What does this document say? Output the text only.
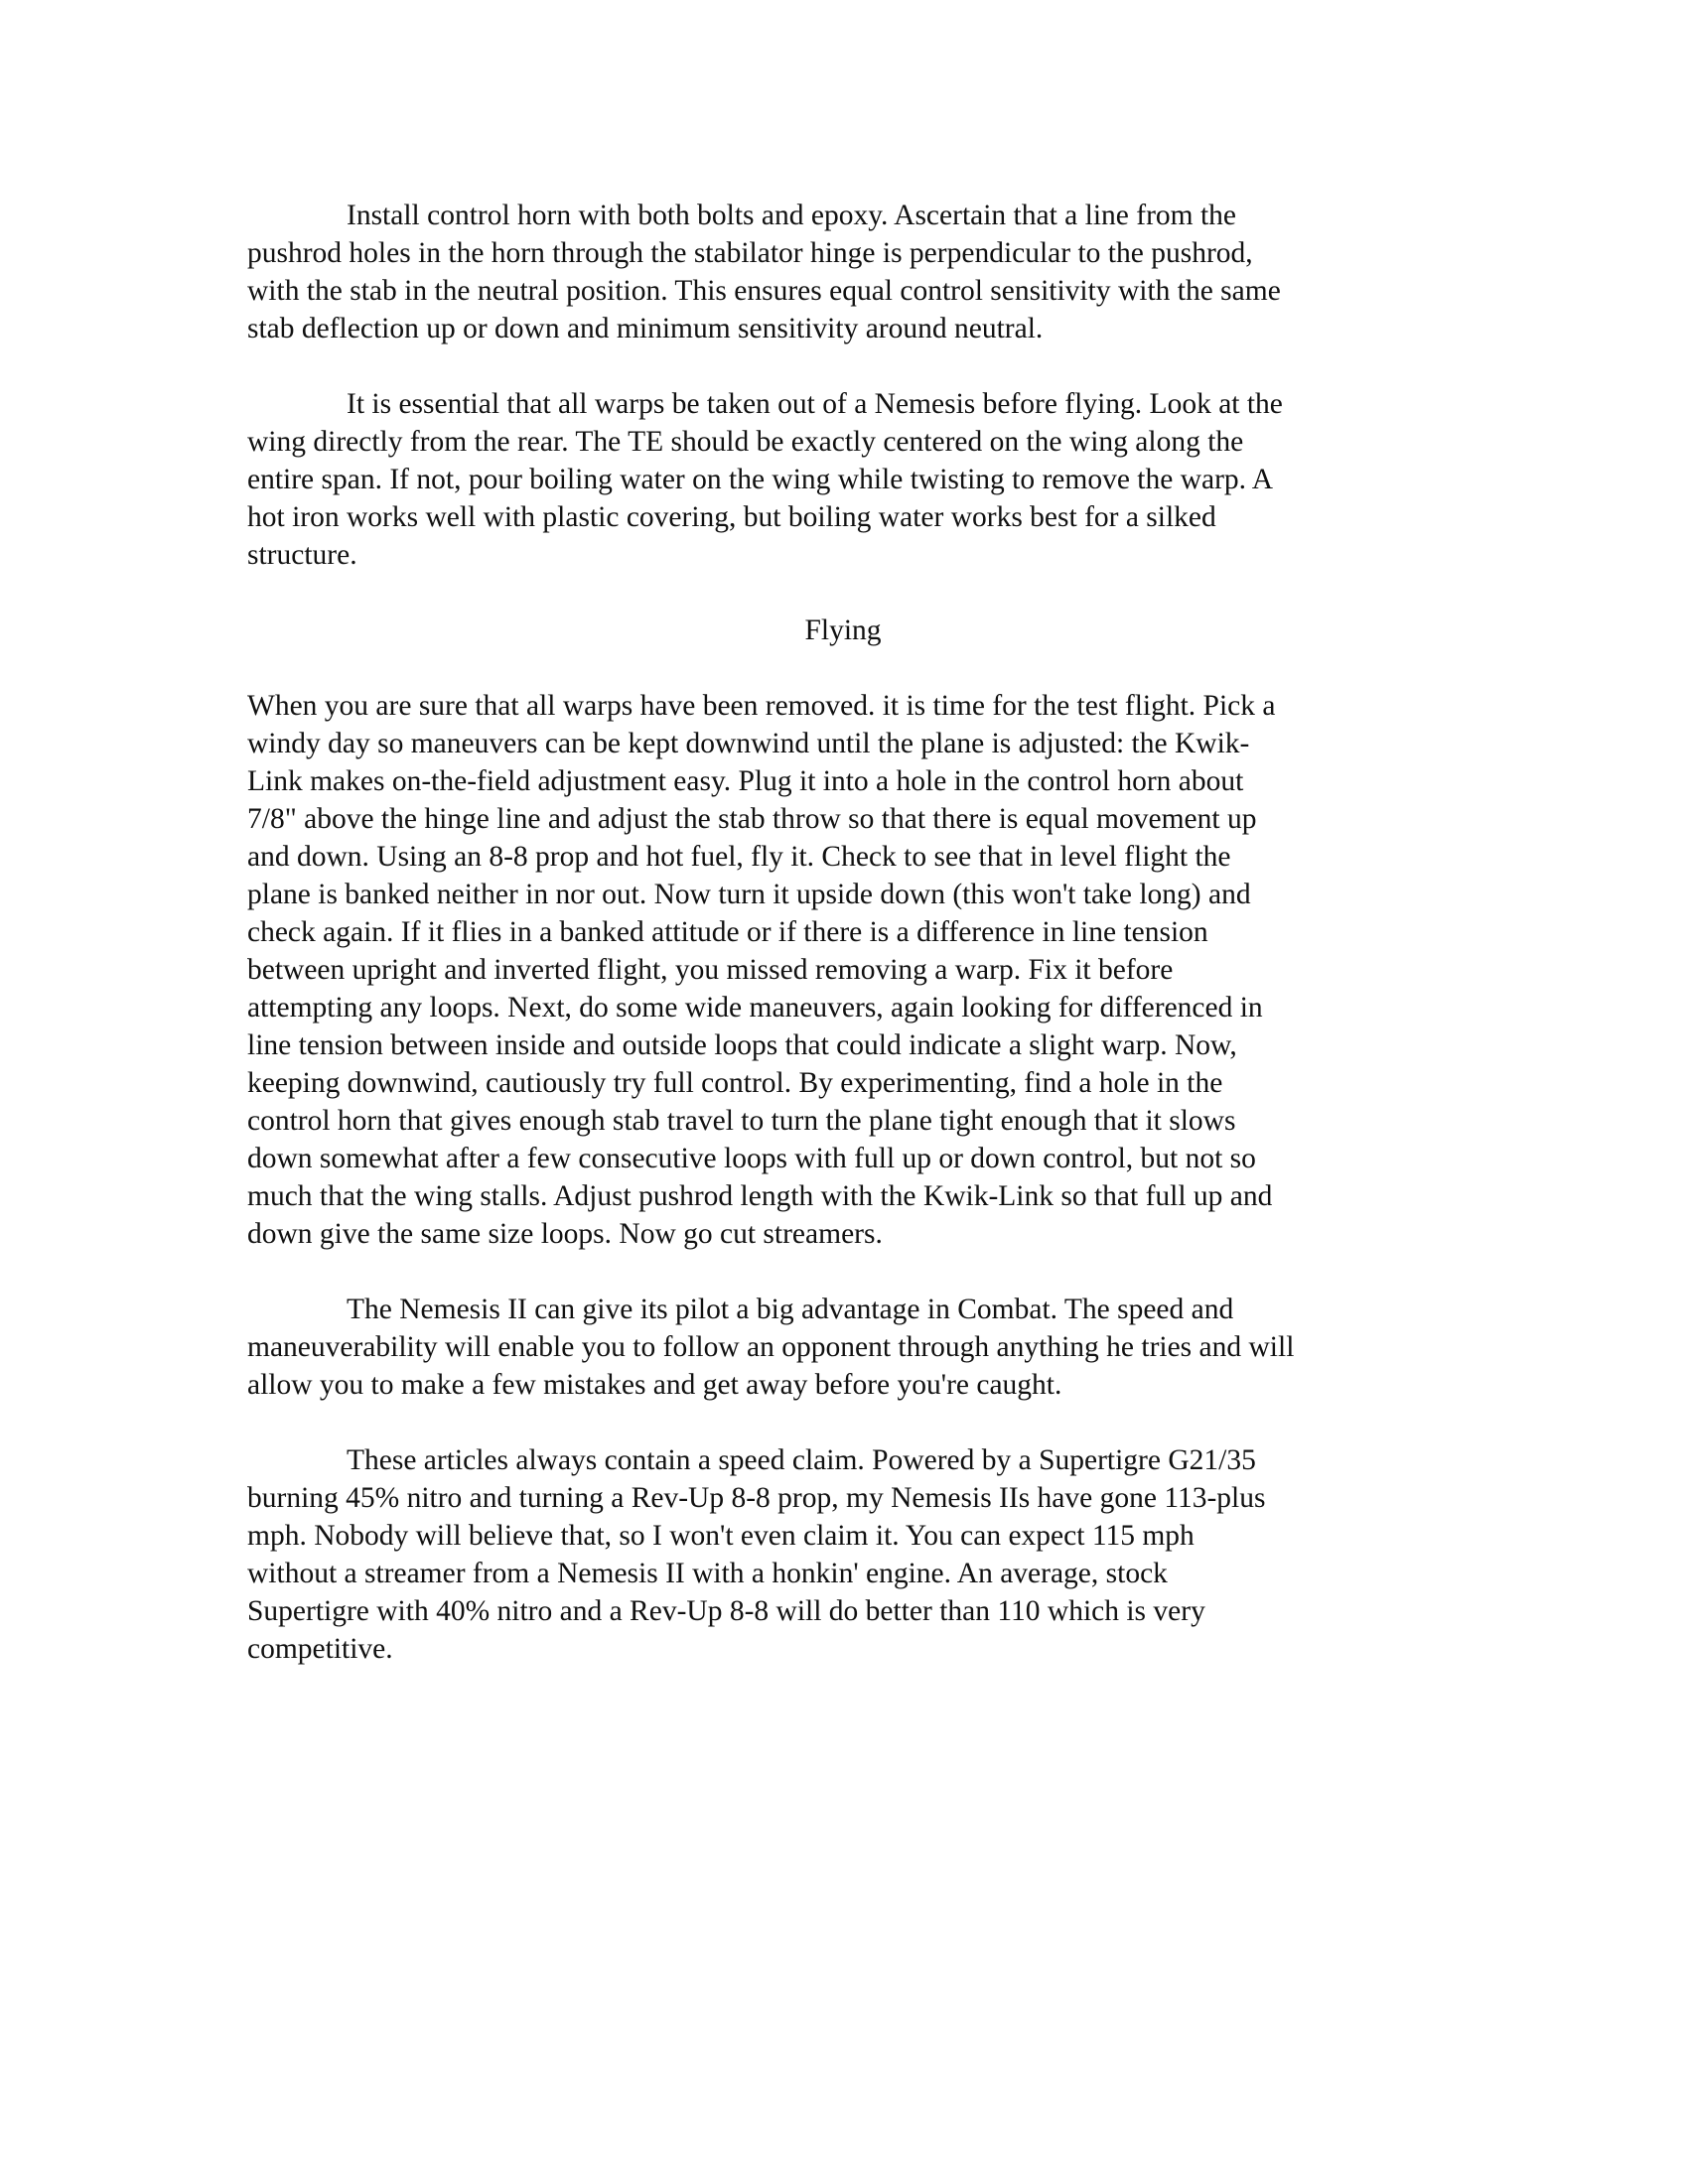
Install control horn with both bolts and epoxy. Ascertain that a line from the
pushrod holes in the horn through the stabilator hinge is perpendicular to the pushrod,
with the stab in the neutral position. This ensures equal control sensitivity with the same
stab deflection up or down and minimum sensitivity around neutral.

It is essential that all warps be taken out of a Nemesis before flying. Look at the
wing directly from the rear. The TE should be exactly centered on the wing along the
entire span. If not, pour boiling water on the wing while twisting to remove the warp. A
hot iron works well with plastic covering, but boiling water works best for a silked
structure.

Flying

When you are sure that all warps have been removed. it is time for the test flight. Pick a
windy day so maneuvers can be kept downwind until the plane is adjusted: the Kwik-
Link makes on-the-field adjustment easy. Plug it into a hole in the control horn about
7/8" above the hinge line and adjust the stab throw so that there is equal movement up
and down. Using an 8-8 prop and hot fuel, fly it. Check to see that in level flight the
plane is banked neither in nor out. Now turn it upside down (this won't take long) and
check again. If it flies in a banked attitude or if there is a difference in line tension
between upright and inverted flight, you missed removing a warp. Fix it before
attempting any loops. Next, do some wide maneuvers, again looking for differenced in
line tension between inside and outside loops that could indicate a slight warp. Now,
keeping downwind, cautiously try full control. By experimenting, find a hole in the
control horn that gives enough stab travel to turn the plane tight enough that it slows
down somewhat after a few consecutive loops with full up or down control, but not so
much that the wing stalls. Adjust pushrod length with the Kwik-Link so that full up and
down give the same size loops. Now go cut streamers.

The Nemesis II can give its pilot a big advantage in Combat. The speed and
maneuverability will enable you to follow an opponent through anything he tries and will
allow you to make a few mistakes and get away before you're caught.

These articles always contain a speed claim. Powered by a Supertigre G21/35
burning 45% nitro and turning a Rev-Up 8-8 prop, my Nemesis IIs have gone 113-plus
mph. Nobody will believe that, so I won't even claim it. You can expect 115 mph
without a streamer from a Nemesis II with a honkin' engine. An average, stock
Supertigre with 40% nitro and a Rev-Up 8-8 will do better than 110 which is very
competitive.
